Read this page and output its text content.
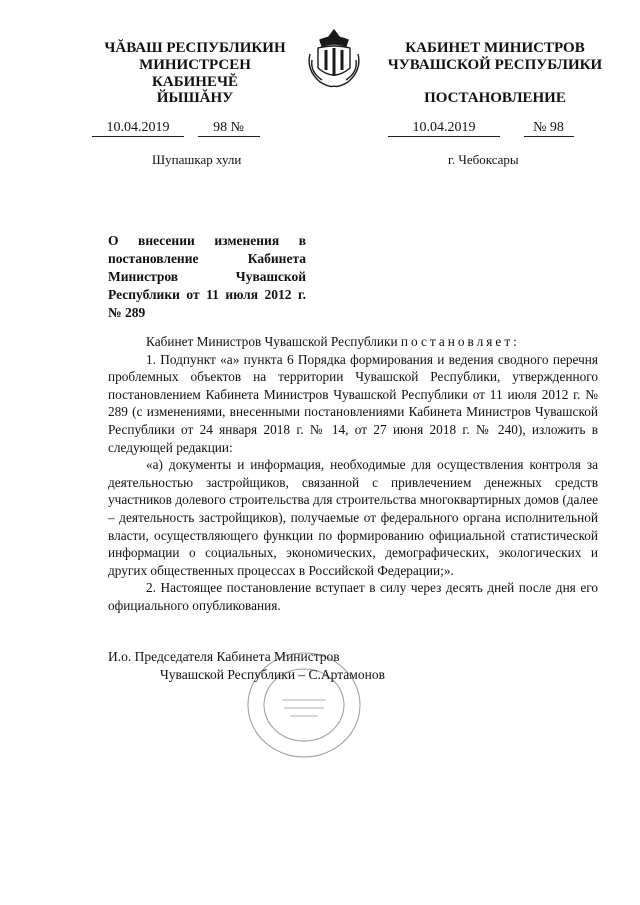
ЧĂВАШ РЕСПУБЛИКИН
МИНИСТРСЕН КАБИНЕЧĔ
КАБИНЕТ МИНИСТРОВ
ЧУВАШСКОЙ РЕСПУБЛИКИ
ЙЫШĂНУ	ПОСТАНОВЛЕНИЕ
10.04.2019	98 №	10.04.2019	№ 98
Шупашкар хули	г. Чебоксары
О внесении изменения в постановление Кабинета Министров Чувашской Республики от 11 июля 2012 г. № 289

Кабинет Министров Чувашской Республики постановляет:

1. Подпункт «а» пункта 6 Порядка формирования и ведения сводного перечня проблемных объектов на территории Чувашской Республики, утвержденного постановлением Кабинета Министров Чувашской Республики от 11 июля 2012 г. № 289 (с изменениями, внесенными постановлениями Кабинета Министров Чувашской Республики от 24 января 2018 г. № 14, от 27 июня 2018 г. № 240), изложить в следующей редакции:

«а) документы и информация, необходимые для осуществления контроля за деятельностью застройщиков, связанной с привлечением денежных средств участников долевого строительства для строительства многоквартирных домов (далее – деятельность застройщиков), получаемые от федерального органа исполнительной власти, осуществляющего функции по формированию официальной статистической информации о социальных, экономических, демографических, экологических и других общественных процессах в Российской Федерации;».

2. Настоящее постановление вступает в силу через десять дней после дня его официального опубликования.

И.о. Председателя Кабинета Министров
Чувашской Республики – С.Артамонов
